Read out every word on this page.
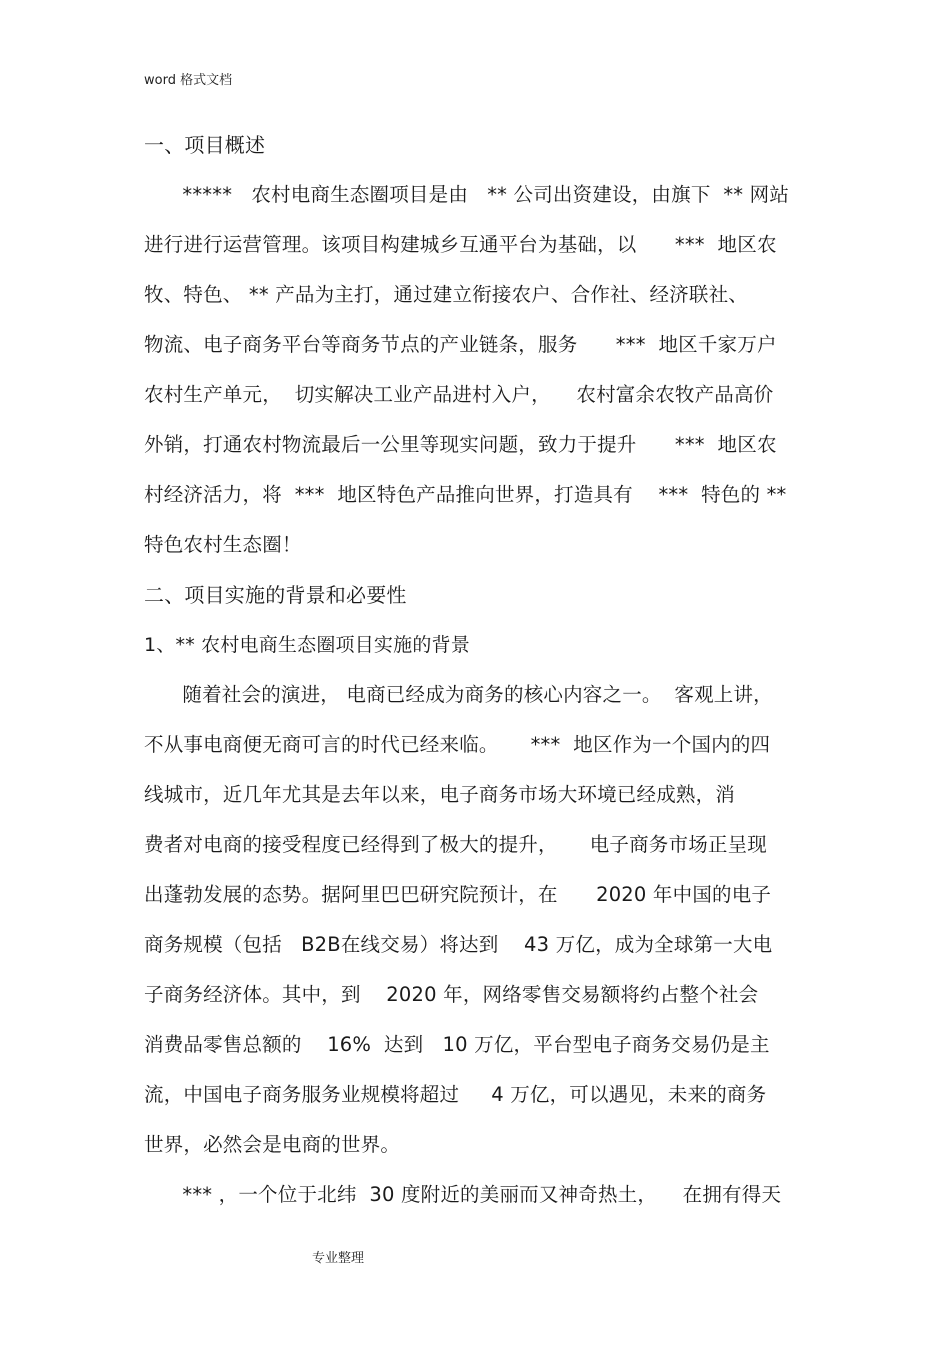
word 格式文档
一、项目概述
*****   农村电商生态圈项目是由   ** 公司出资建设，由旗下  ** 网站
进行进行运营管理。该项目构建城乡互通平台为基础，以      ***  地区农
牧、特色、 ** 产品为主打，通过建立衔接农户、合作社、经济联社、
物流、电子商务平台等商务节点的产业链条，服务      ***  地区千家万户
农村生产单元，  切实解决工业产品进村入户，    农村富余农牧产品高价
外销，打通农村物流最后一公里等现实问题，致力于提升      ***  地区农
村经济活力，将  ***  地区特色产品推向世界，打造具有    ***  特色的 **
特色农村生态圈！
二、项目实施的背景和必要性
1、** 农村电商生态圈项目实施的背景
随着社会的演进， 电商已经成为商务的核心内容之一。  客观上讲，
不从事电商便无商可言的时代已经来临。     ***  地区作为一个国内的四
线城市，近几年尤其是去年以来，电子商务市场大环境已经成熟，消
费者对电商的接受程度已经得到了极大的提升，     电子商务市场正呈现
出蓬勃发展的态势。据阿里巴巴研究院预计，在      2020 年中国的电子
商务规模（包括   B2B在线交易）将达到    43 万亿，成为全球第一大电
子商务经济体。其中，到    2020 年，网络零售交易额将约占整个社会
消费品零售总额的    16%  达到   10 万亿，平台型电子商务交易仍是主
流，中国电子商务服务业规模将超过     4 万亿，可以遇见，未来的商务
世界，必然会是电商的世界。
*** ，一个位于北纬  30 度附近的美丽而又神奇热土，    在拥有得天
专业整理
